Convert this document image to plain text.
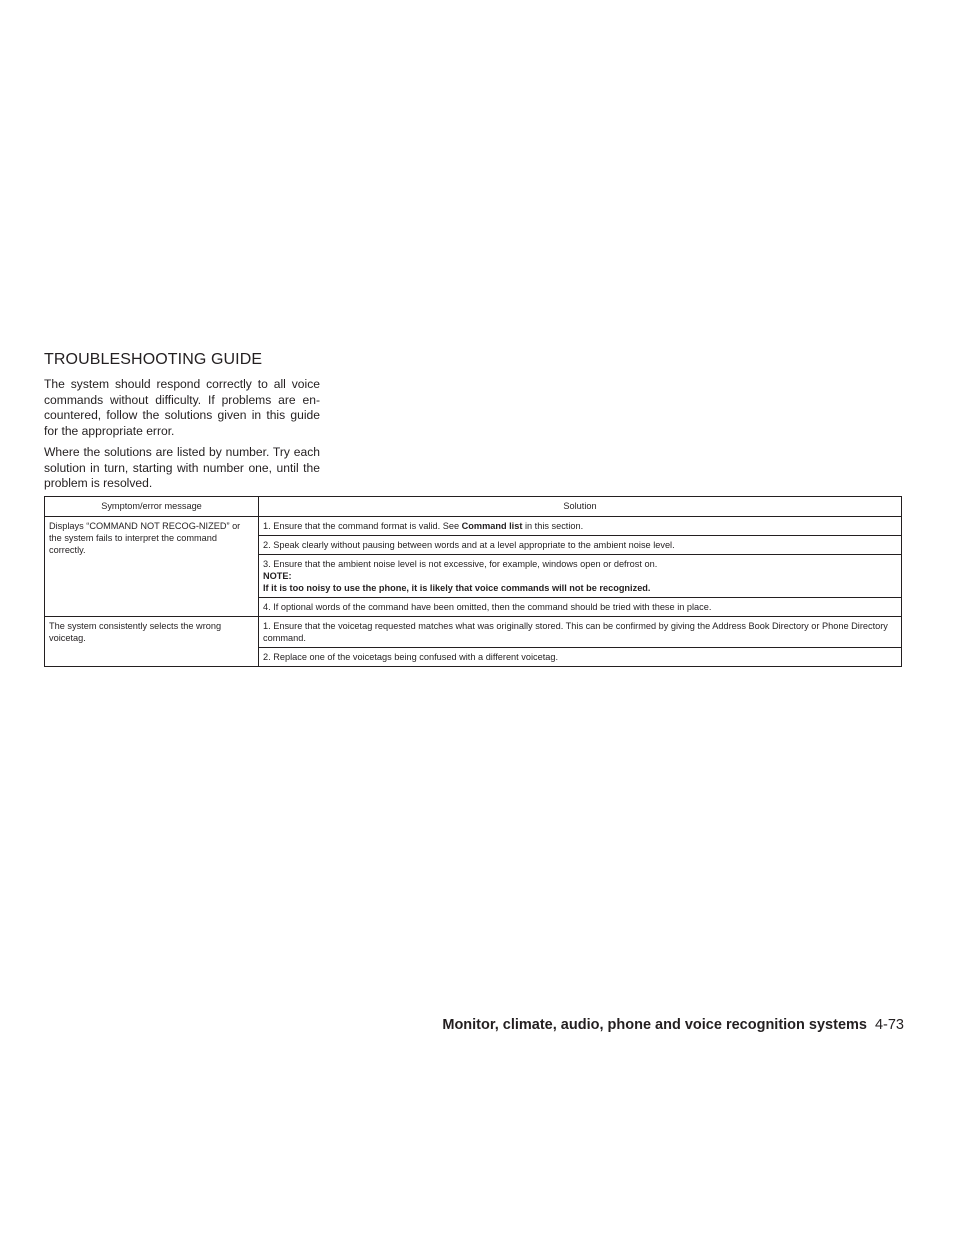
TROUBLESHOOTING GUIDE

The system should respond correctly to all voice commands without difficulty. If problems are en-countered, follow the solutions given in this guide for the appropriate error.

Where the solutions are listed by number. Try each solution in turn, starting with number one, until the problem is resolved.

Symptom/error message	Solution
Displays “COMMAND NOT RECOG-NIZED” or the system fails to interpret the command correctly.	1. Ensure that the command format is valid. See Command list in this section.
	2. Speak clearly without pausing between words and at a level appropriate to the ambient noise level.

	3. Ensure that the ambient noise level is not excessive, for example, windows open or defrost on.
NOTE:
If it is too noisy to use the phone, it is likely that voice commands will not be recognized.

	4. If optional words of the command have been omitted, then the command should be tried with these in place.
The system consistently selects the wrong voicetag.	1. Ensure that the voicetag requested matches what was originally stored. This can be confirmed by giving the Address Book Directory or Phone Directory command.
	2. Replace one of the voicetags being confused with a different voicetag.
Monitor, climate, audio, phone and voice recognition systems 4-73
